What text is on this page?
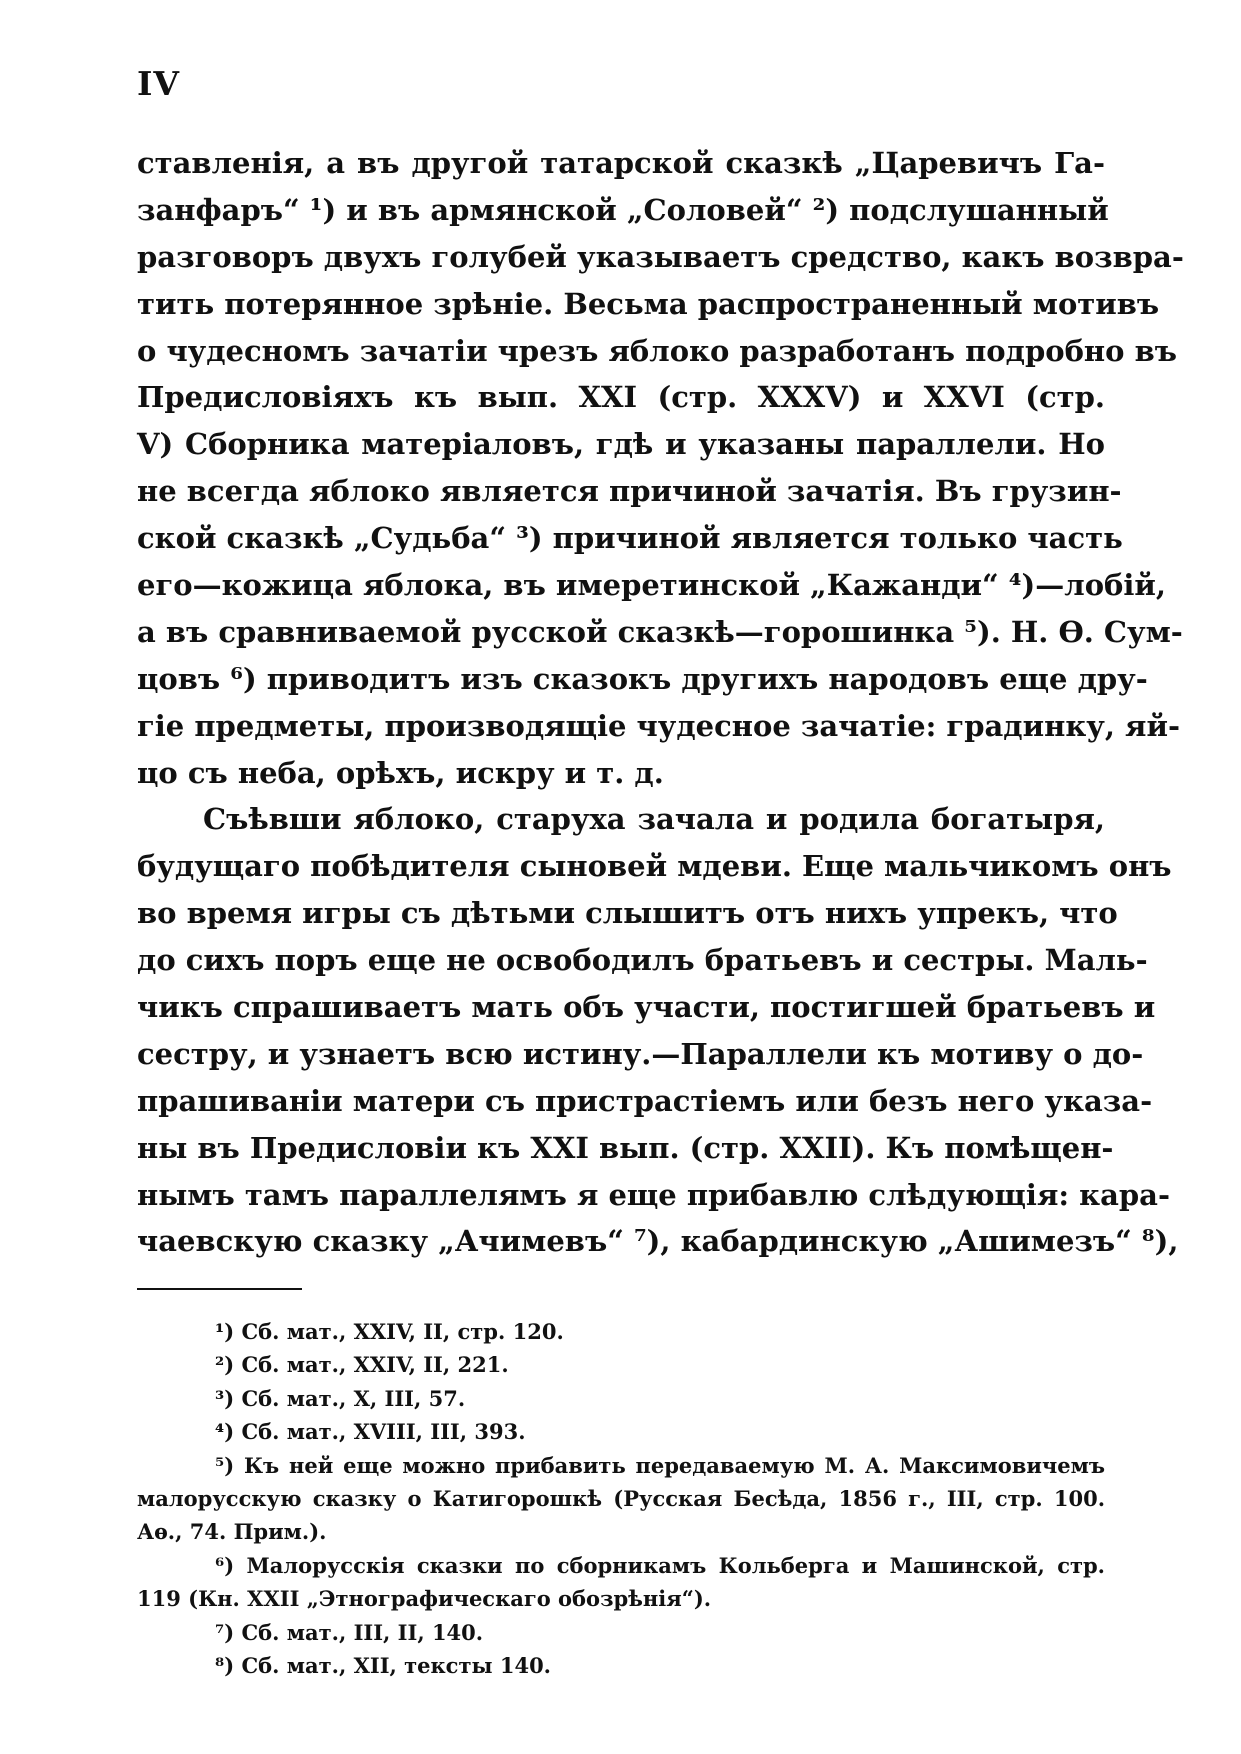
IV
ставленія, а въ другой татарской сказкѣ „Царевичъ Га-
занфаръ“ ¹) и въ армянской „Соловей“ ²) подслушанный
разговоръ двухъ голубей указываетъ средство, какъ возвра-
тить потерянное зрѣніе. Весьма распространенный мотивъ
о чудесномъ зачатіи чрезъ яблоко разработанъ подробно въ
Предисловіяхъ къ вып. XXI (стр. XXXV) и XXVI (стр.
V) Сборника матеріаловъ, гдѣ и указаны параллели. Но
не всегда яблоко является причиной зачатія. Въ грузин-
ской сказкѣ „Судьба“ ³) причиной является только часть
его—кожица яблока, въ имеретинской „Кажанди“ ⁴)—лобій,
а въ сравниваемой русской сказкѣ—горошинка ⁵). Н. Ѳ. Сум-
цовъ ⁶) приводитъ изъ сказокъ другихъ народовъ еще дру-
гіе предметы, производящіе чудесное зачатіе: градинку, яй-
цо съ неба, орѣхъ, искру и т. д.
Съѣвши яблоко, старуха зачала и родила богатыря,
будущаго побѣдителя сыновей мдеви. Еще мальчикомъ онъ
во время игры съ дѣтьми слышитъ отъ нихъ упрекъ, что
до сихъ поръ еще не освободилъ братьевъ и сестры. Маль-
чикъ спрашиваетъ мать объ участи, постигшей братьевъ и
сестру, и узнаетъ всю истину.—Параллели къ мотиву о до-
прашиваніи матери съ пристрастіемъ или безъ него указа-
ны въ Предисловіи къ XXI вып. (стр. XXII). Къ помѣщен-
нымъ тамъ параллелямъ я еще прибавлю слѣдующія: кара-
чаевскую сказку „Ачимевъ“ ⁷), кабардинскую „Ашимезъ“ ⁸),
¹) Сб. мат., XXIV, II, стр. 120.
²) Сб. мат., XXIV, II, 221.
³) Сб. мат., X, III, 57.
⁴) Сб. мат., XVIII, III, 393.
⁵) Къ ней еще можно прибавить передаваемую М. А. Максимовичемъ
малорусскую сказку о Катигорошкѣ (Русская Бесѣда, 1856 г., III, стр. 100.
Аѳ., 74. Прим.).
⁶) Малорусскія сказки по сборникамъ Кольберга и Машинской, стр.
119 (Кн. XXII „Этнографическаго обозрѣнія“).
⁷) Сб. мат., III, II, 140.
⁸) Сб. мат., XII, тексты 140.
